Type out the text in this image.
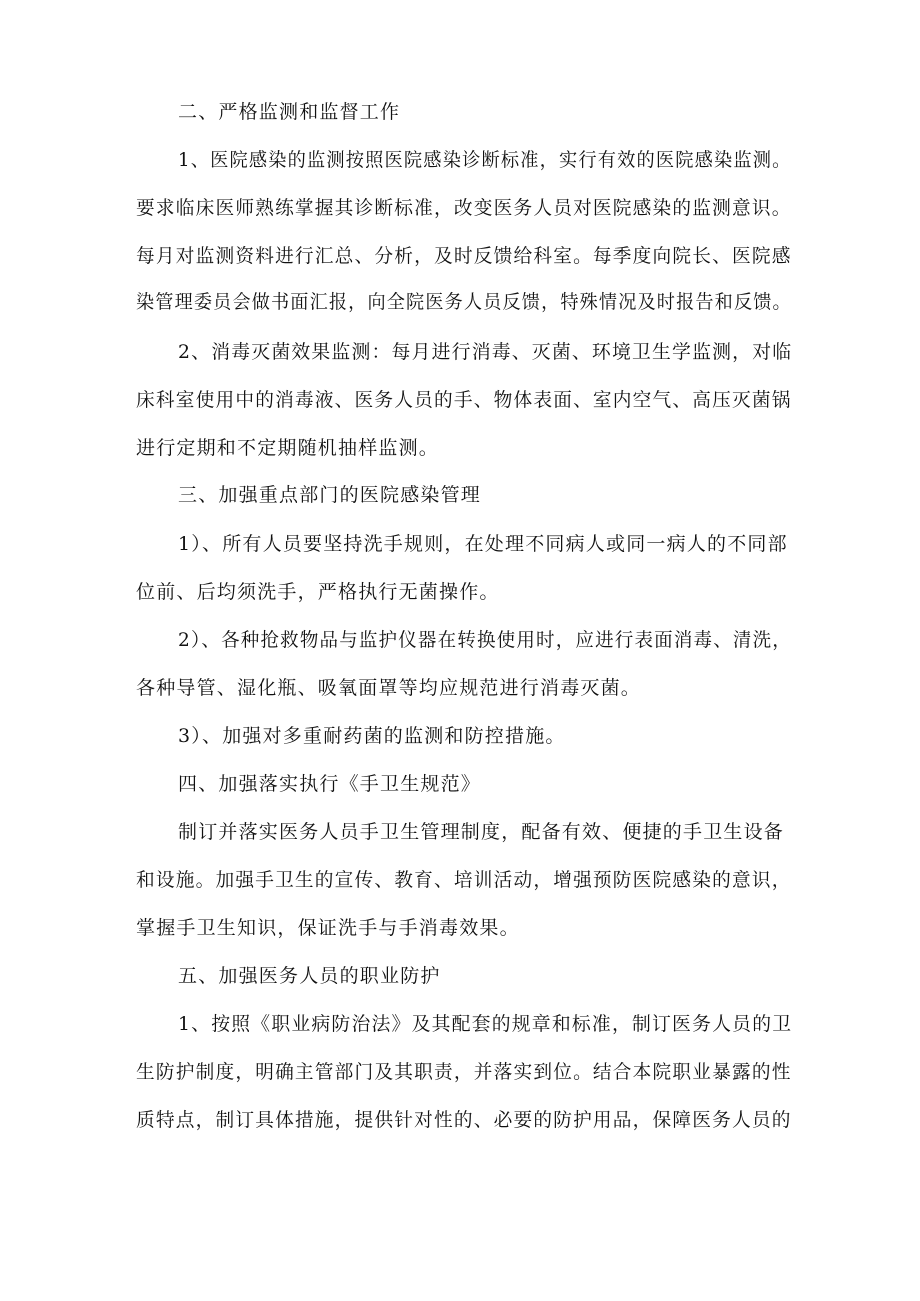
二、严格监测和监督工作
1、医院感染的监测按照医院感染诊断标准，实行有效的医院感染监测。
要求临床医师熟练掌握其诊断标准，改变医务人员对医院感染的监测意识。
每月对监测资料进行汇总、分析，及时反馈给科室。每季度向院长、医院感
染管理委员会做书面汇报，向全院医务人员反馈，特殊情况及时报告和反馈。
2、消毒灭菌效果监测：每月进行消毒、灭菌、环境卫生学监测，对临
床科室使用中的消毒液、医务人员的手、物体表面、室内空气、高压灭菌锅
进行定期和不定期随机抽样监测。
三、加强重点部门的医院感染管理
1）、所有人员要坚持洗手规则，在处理不同病人或同一病人的不同部
位前、后均须洗手，严格执行无菌操作。
2）、各种抢救物品与监护仪器在转换使用时，应进行表面消毒、清洗，
各种导管、湿化瓶、吸氧面罩等均应规范进行消毒灭菌。
3）、加强对多重耐药菌的监测和防控措施。
四、加强落实执行《手卫生规范》
制订并落实医务人员手卫生管理制度，配备有效、便捷的手卫生设备
和设施。加强手卫生的宣传、教育、培训活动，增强预防医院感染的意识，
掌握手卫生知识，保证洗手与手消毒效果。
五、加强医务人员的职业防护
1、按照《职业病防治法》及其配套的规章和标准，制订医务人员的卫
生防护制度，明确主管部门及其职责，并落实到位。结合本院职业暴露的性
质特点，制订具体措施，提供针对性的、必要的防护用品，保障医务人员的
